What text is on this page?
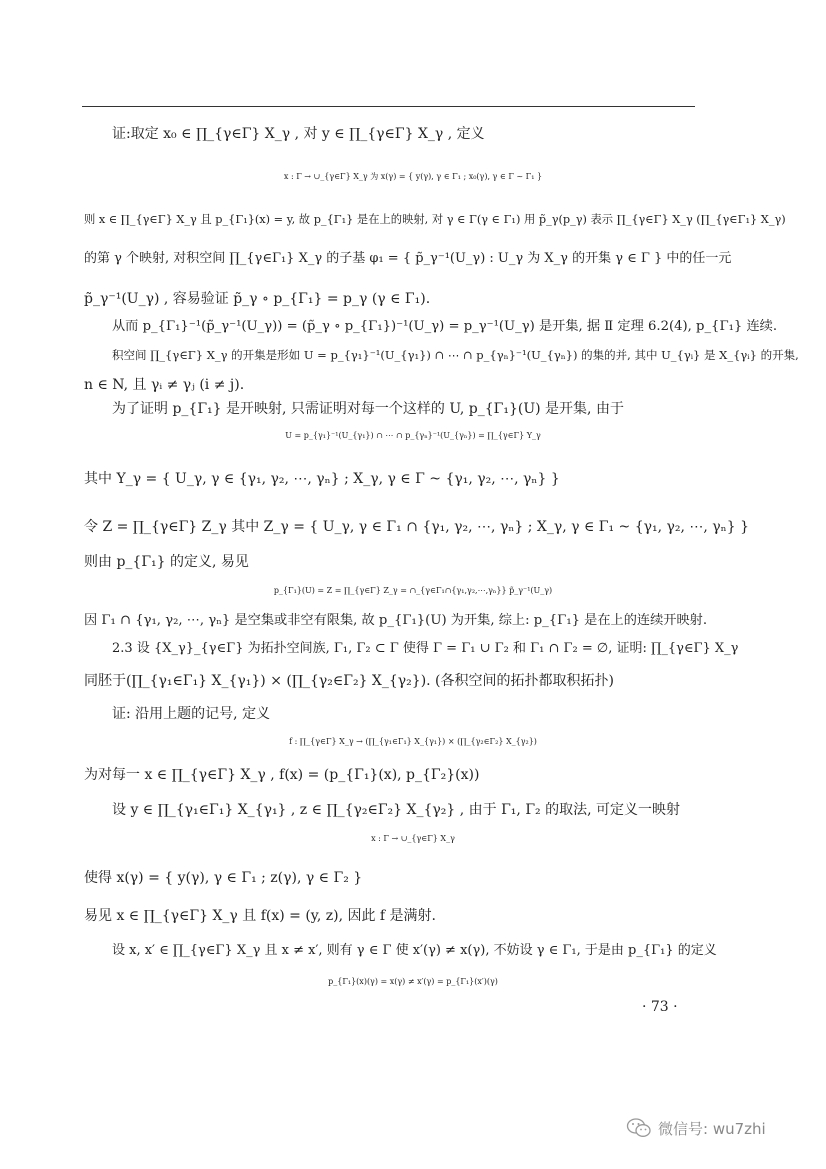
证:取定 x₀ ∈ ∏_{γ∈Γ} X_γ , 对 y ∈ ∏_{γ∈Γ} X_γ , 定义
x : Γ → ∪_{γ∈Γ} X_γ 为 x(γ) = { y(γ), γ ∈ Γ₁ ; x₀(γ), γ ∈ Γ ~ Γ₁ }
则 x ∈ ∏_{γ∈Γ} X_γ 且 p_{Γ₁}(x) = y, 故 p_{Γ₁} 是在上的映射, 对 γ ∈ Γ(γ ∈ Γ₁) 用 p̃_γ(p_γ) 表示 ∏_{γ∈Γ} X_γ (∏_{γ∈Γ₁} X_γ)
的第 γ 个映射, 对积空间 ∏_{γ∈Γ₁} X_γ 的子基 φ₁ = { p̃_γ⁻¹(U_γ) : U_γ 为 X_γ 的开集 γ ∈ Γ } 中的任一元
p̃_γ⁻¹(U_γ) , 容易验证 p̃_γ ∘ p_{Γ₁} = p_γ (γ ∈ Γ₁).
从而 p_{Γ₁}⁻¹(p̃_γ⁻¹(U_γ)) = (p̃_γ ∘ p_{Γ₁})⁻¹(U_γ) = p_γ⁻¹(U_γ) 是开集, 据 Ⅱ 定理 6.2(4), p_{Γ₁} 连续.
积空间 ∏_{γ∈Γ} X_γ 的开集是形如 U = p_{γ₁}⁻¹(U_{γ₁}) ∩ ⋯ ∩ p_{γₙ}⁻¹(U_{γₙ}) 的集的并, 其中 U_{γᵢ} 是 X_{γᵢ} 的开集,
n ∈ N, 且 γᵢ ≠ γⱼ (i ≠ j).
为了证明 p_{Γ₁} 是开映射, 只需证明对每一个这样的 U, p_{Γ₁}(U) 是开集, 由于
U = p_{γ₁}⁻¹(U_{γ₁}) ∩ ⋯ ∩ p_{γₙ}⁻¹(U_{γₙ}) = ∏_{γ∈Γ} Y_γ
其中 Y_γ = { U_γ, γ ∈ {γ₁, γ₂, ⋯, γₙ} ; X_γ, γ ∈ Γ ~ {γ₁, γ₂, ⋯, γₙ} }
令 Z = ∏_{γ∈Γ} Z_γ 其中 Z_γ = { U_γ, γ ∈ Γ₁ ∩ {γ₁, γ₂, ⋯, γₙ} ; X_γ, γ ∈ Γ₁ ~ {γ₁, γ₂, ⋯, γₙ} }
则由 p_{Γ₁} 的定义, 易见
p_{Γ₁}(U) = Z = ∏_{γ∈Γ} Z_γ = ∩_{γ∈Γ₁∩{γ₁,γ₂,⋯,γₙ}} p̃_γ⁻¹(U_γ)
因 Γ₁ ∩ {γ₁, γ₂, ⋯, γₙ} 是空集或非空有限集, 故 p_{Γ₁}(U) 为开集, 综上: p_{Γ₁} 是在上的连续开映射.
2.3 设 {X_γ}_{γ∈Γ} 为拓扑空间族, Γ₁, Γ₂ ⊂ Γ 使得 Γ = Γ₁ ∪ Γ₂ 和 Γ₁ ∩ Γ₂ = ∅, 证明: ∏_{γ∈Γ} X_γ
同胚于(∏_{γ₁∈Γ₁} X_{γ₁}) × (∏_{γ₂∈Γ₂} X_{γ₂}). (各积空间的拓扑都取积拓扑)
证: 沿用上题的记号, 定义
f : ∏_{γ∈Γ} X_γ → (∏_{γ₁∈Γ₁} X_{γ₁}) × (∏_{γ₂∈Γ₂} X_{γ₂})
为对每一 x ∈ ∏_{γ∈Γ} X_γ , f(x) = (p_{Γ₁}(x), p_{Γ₂}(x))
设 y ∈ ∏_{γ₁∈Γ₁} X_{γ₁} , z ∈ ∏_{γ₂∈Γ₂} X_{γ₂} , 由于 Γ₁, Γ₂ 的取法, 可定义一映射
x : Γ → ∪_{γ∈Γ} X_γ
使得 x(γ) = { y(γ), γ ∈ Γ₁ ; z(γ), γ ∈ Γ₂ }
易见 x ∈ ∏_{γ∈Γ} X_γ 且 f(x) = (y, z), 因此 f 是满射.
设 x, x′ ∈ ∏_{γ∈Γ} X_γ 且 x ≠ x′, 则有 γ ∈ Γ 使 x′(γ) ≠ x(γ), 不妨设 γ ∈ Γ₁, 于是由 p_{Γ₁} 的定义
p_{Γ₁}(x)(γ) = x(γ) ≠ x′(γ) = p_{Γ₁}(x′)(γ)
· 73 ·
微信号: wu7zhi
